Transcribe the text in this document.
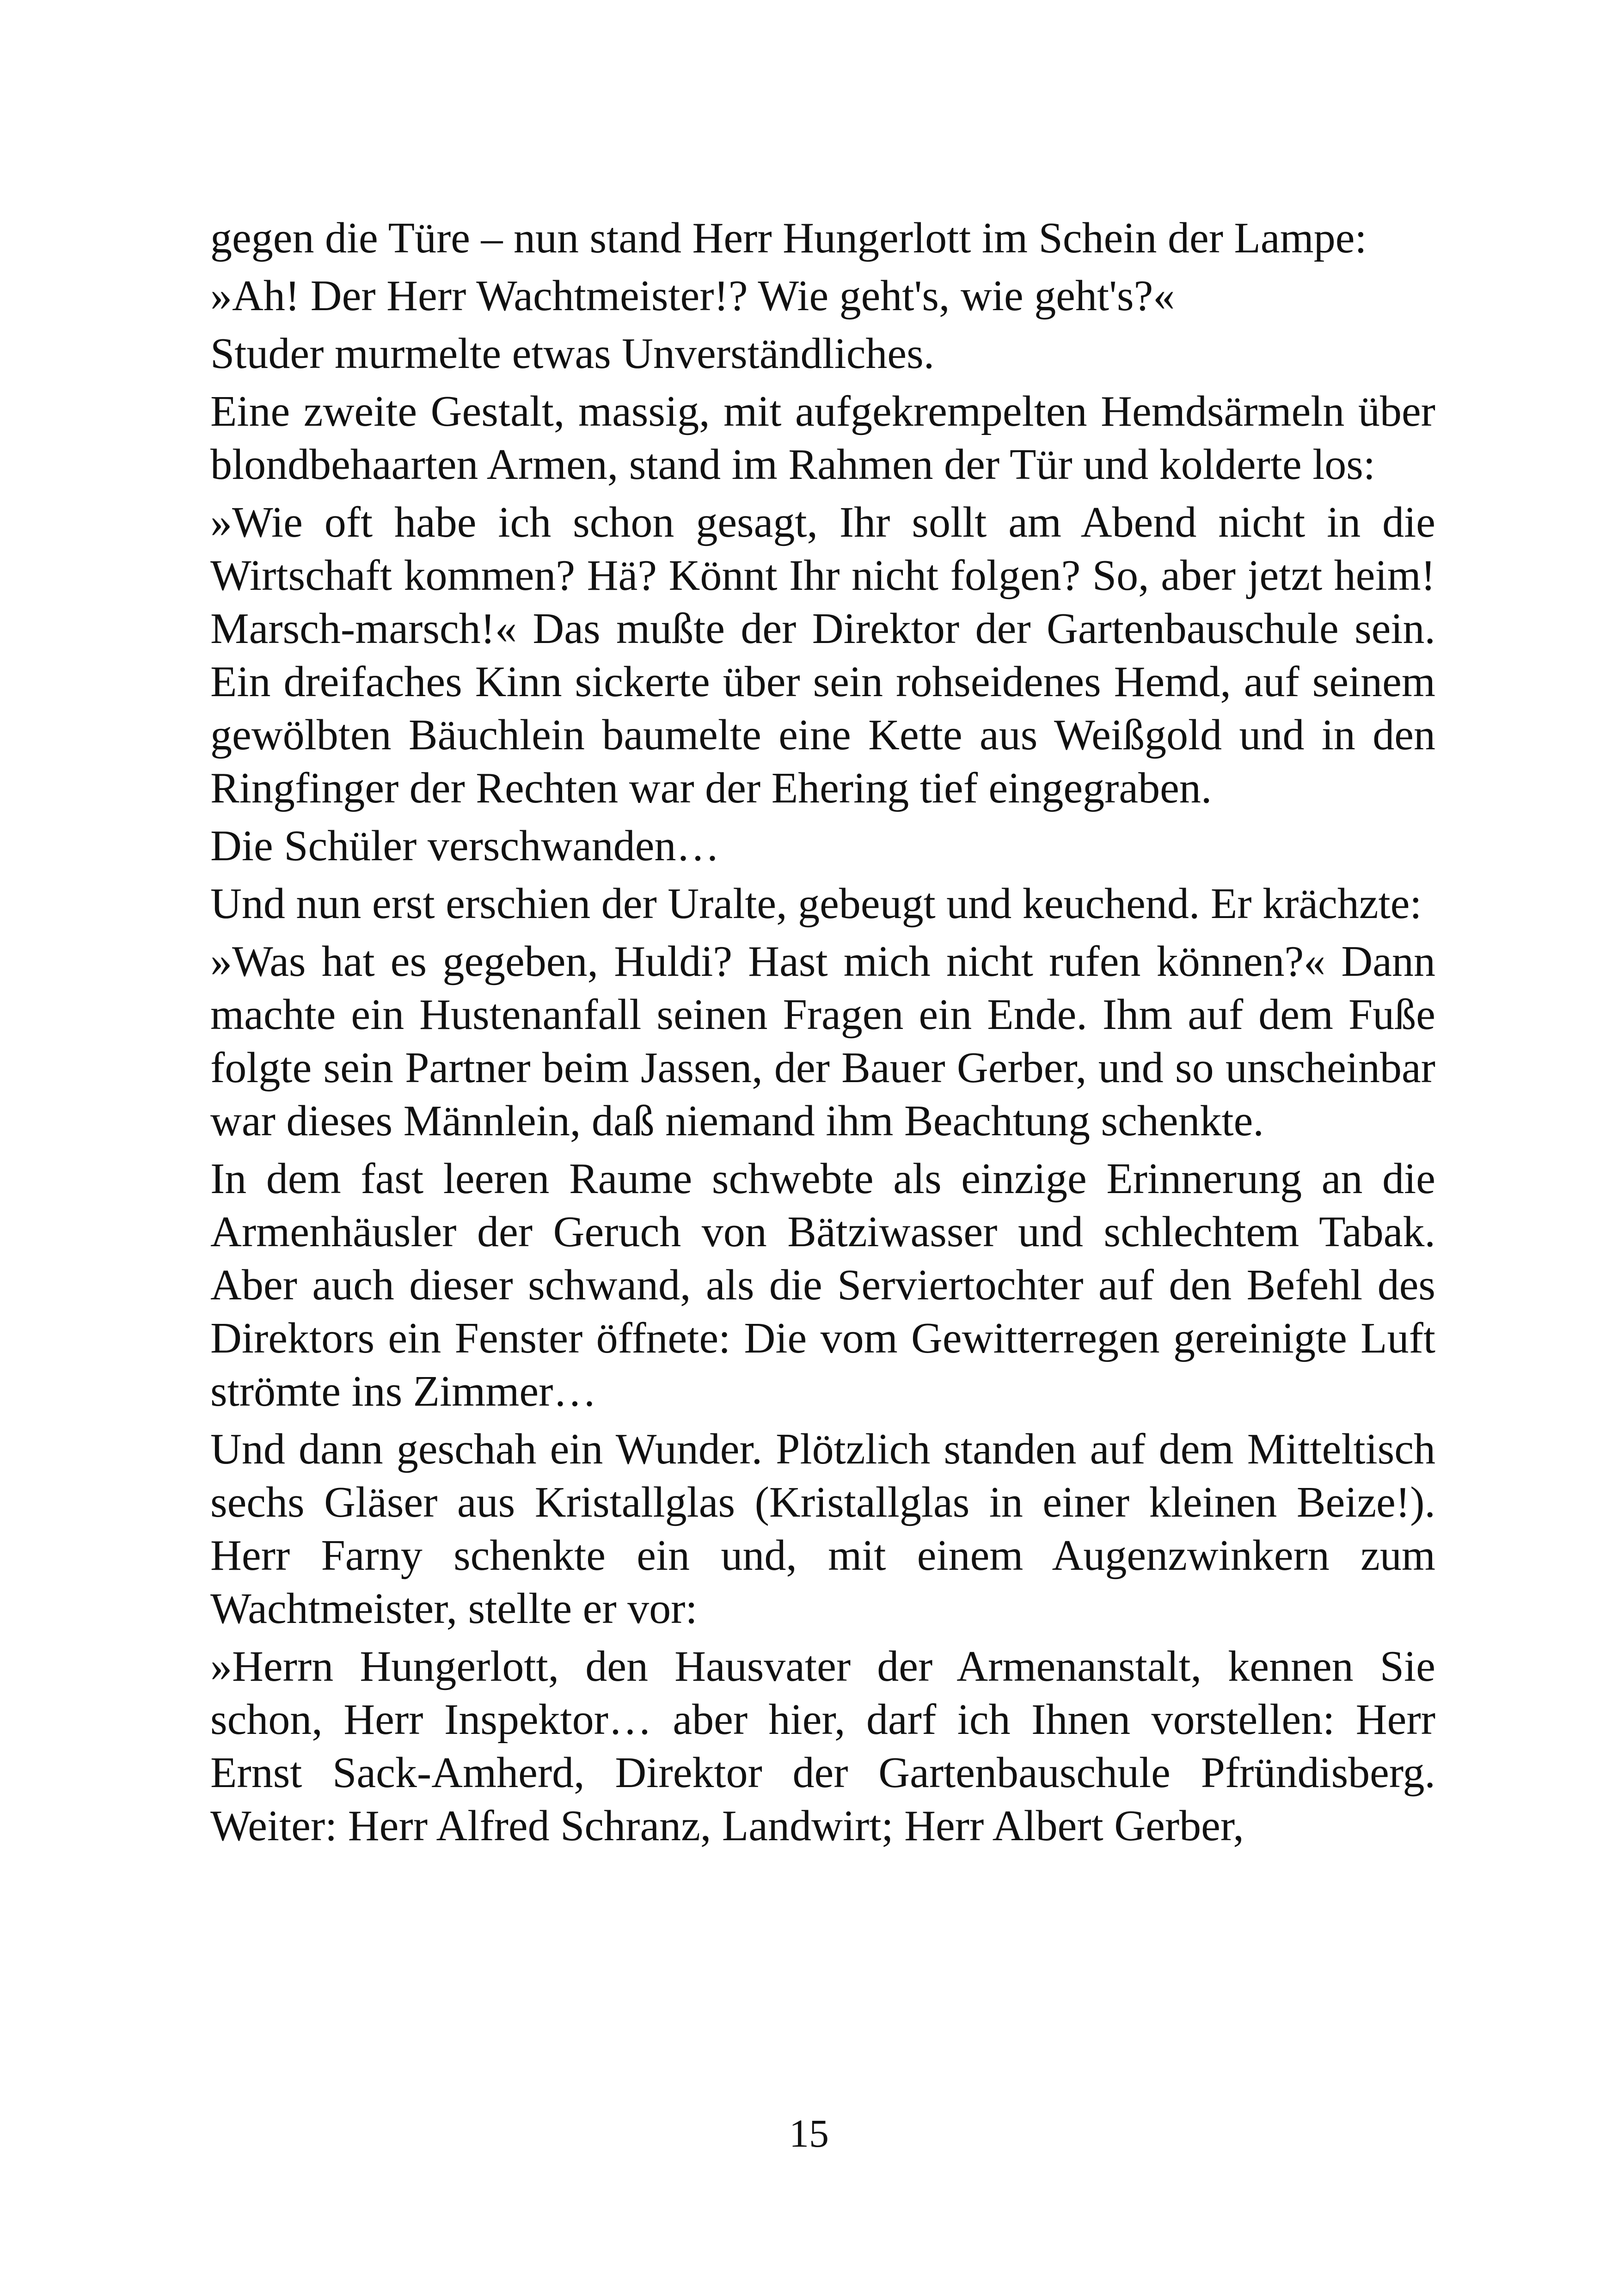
gegen die Türe – nun stand Herr Hungerlott im Schein der Lampe:

»Ah! Der Herr Wachtmeister!? Wie geht's, wie geht's?«

Studer murmelte etwas Unverständliches.

Eine zweite Gestalt, massig, mit aufgekrempelten Hemdsärmeln über blondbehaarten Armen, stand im Rahmen der Tür und kolderte los:

»Wie oft habe ich schon gesagt, Ihr sollt am Abend nicht in die Wirtschaft kommen? Hä? Könnt Ihr nicht folgen? So, aber jetzt heim! Marsch-marsch!« Das mußte der Direktor der Gartenbauschule sein. Ein dreifaches Kinn sickerte über sein rohseidenes Hemd, auf seinem gewölbten Bäuchlein baumelte eine Kette aus Weißgold und in den Ringfinger der Rechten war der Ehering tief eingegraben.

Die Schüler verschwanden…

Und nun erst erschien der Uralte, gebeugt und keuchend. Er krächzte:

»Was hat es gegeben, Huldi? Hast mich nicht rufen können?« Dann machte ein Hustenanfall seinen Fragen ein Ende. Ihm auf dem Fuße folgte sein Partner beim Jassen, der Bauer Gerber, und so unscheinbar war dieses Männlein, daß niemand ihm Beachtung schenkte.

In dem fast leeren Raume schwebte als einzige Erinnerung an die Armenhäusler der Geruch von Bätziwasser und schlechtem Tabak. Aber auch dieser schwand, als die Serviertochter auf den Befehl des Direktors ein Fenster öffnete: Die vom Gewitterregen gereinigte Luft strömte ins Zimmer…

Und dann geschah ein Wunder. Plötzlich standen auf dem Mitteltisch sechs Gläser aus Kristallglas (Kristallglas in einer kleinen Beize!). Herr Farny schenkte ein und, mit einem Augenzwinkern zum Wachtmeister, stellte er vor:

»Herrn Hungerlott, den Hausvater der Armenanstalt, kennen Sie schon, Herr Inspektor… aber hier, darf ich Ihnen vorstellen: Herr Ernst Sack-Amherd, Direktor der Gartenbauschule Pfründisberg. Weiter: Herr Alfred Schranz, Landwirt; Herr Albert Gerber,

15
